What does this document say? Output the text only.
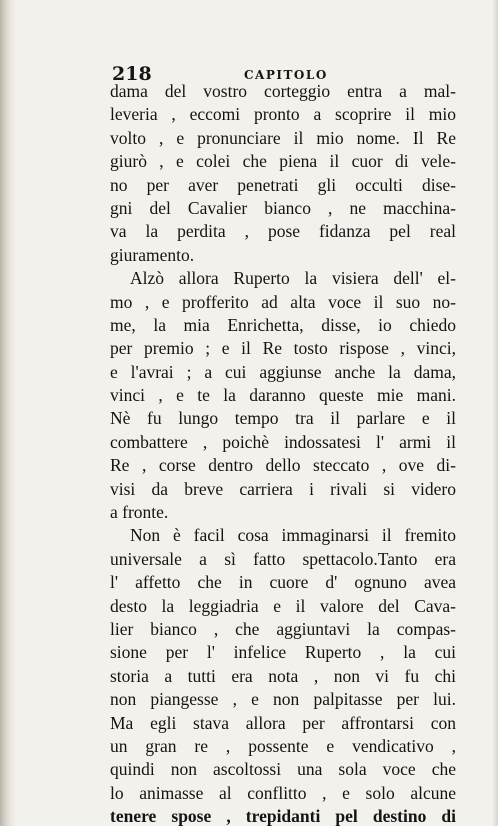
218	CAPITOLO
dama del vostro corteggio entra a mal-
leveria , eccomi pronto a scoprire il mio
volto , e pronunciare il mio nome. Il Re
giurò , e colei che piena il cuor di vele-
no per aver penetrati gli occulti dise-
gni del Cavalier bianco , ne macchina-
va la perdita , pose fidanza pel real
giuramento.
Alzò allora Ruperto la visiera dell' el-
mo , e profferito ad alta voce il suo no-
me, la mia Enrichetta, disse, io chiedo
per premio ; e il Re tosto rispose , vinci,
e l'avrai ; a cui aggiunse anche la dama,
vinci , e te la daranno queste mie mani.
Nè fu lungo tempo tra il parlare e il
combattere , poichè indossatesi l' armi il
Re , corse dentro dello steccato , ove di-
visi da breve carriera i rivali si videro
a fronte.
Non è facil cosa immaginarsi il fremito
universale a sì fatto spettacolo.Tanto era
l' affetto che in cuore d' ognuno avea
desto la leggiadria e il valore del Cava-
lier bianco , che aggiuntavi la compas-
sione per l' infelice Ruperto , la cui
storia a tutti era nota , non vi fu chi
non piangesse , e non palpitasse per lui.
Ma egli stava allora per affrontarsi con
un gran re , possente e vendicativo ,
quindi non ascoltossi una sola voce che
lo animasse al conflitto , e solo alcune
tenere spose , trepidanti pel destino di
